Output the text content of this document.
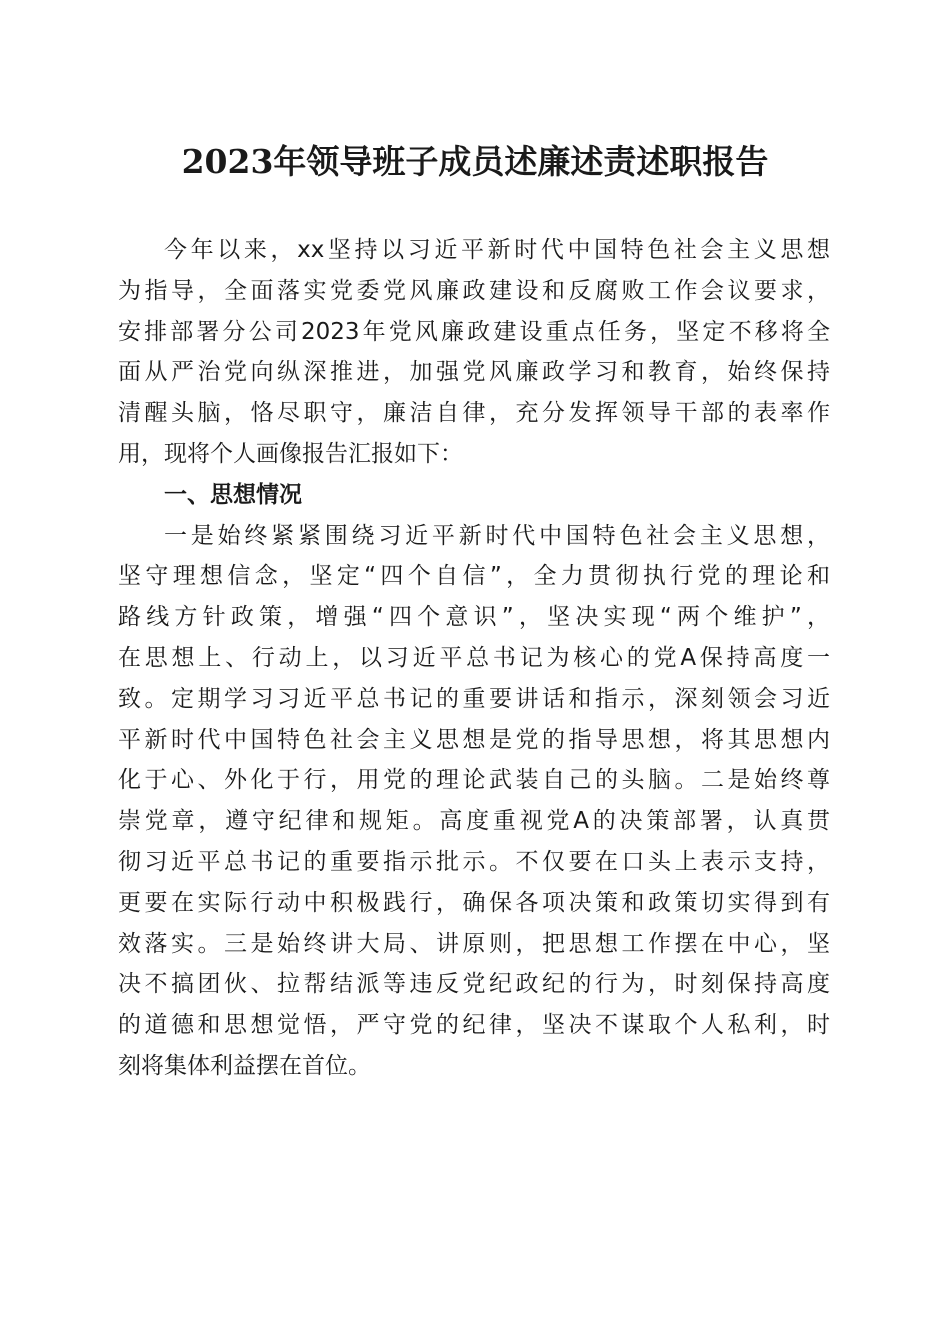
2023年领导班子成员述廉述责述职报告
今年以来，xx坚持以习近平新时代中国特色社会主义思想
为指导，全面落实党委党风廉政建设和反腐败工作会议要求，
安排部署分公司2023年党风廉政建设重点任务，坚定不移将全
面从严治党向纵深推进，加强党风廉政学习和教育，始终保持
清醒头脑，恪尽职守，廉洁自律，充分发挥领导干部的表率作
用，现将个人画像报告汇报如下：
一、思想情况
一是始终紧紧围绕习近平新时代中国特色社会主义思想，
坚守理想信念，坚定“四个自信”，全力贯彻执行党的理论和
路线方针政策，增强“四个意识”，坚决实现“两个维护”，
在思想上、行动上，以习近平总书记为核心的党A保持高度一
致。定期学习习近平总书记的重要讲话和指示，深刻领会习近
平新时代中国特色社会主义思想是党的指导思想，将其思想内
化于心、外化于行，用党的理论武装自己的头脑。二是始终尊
崇党章，遵守纪律和规矩。高度重视党A的决策部署，认真贯
彻习近平总书记的重要指示批示。不仅要在口头上表示支持，
更要在实际行动中积极践行，确保各项决策和政策切实得到有
效落实。三是始终讲大局、讲原则，把思想工作摆在中心，坚
决不搞团伙、拉帮结派等违反党纪政纪的行为，时刻保持高度
的道德和思想觉悟，严守党的纪律，坚决不谋取个人私利，时
刻将集体利益摆在首位。
